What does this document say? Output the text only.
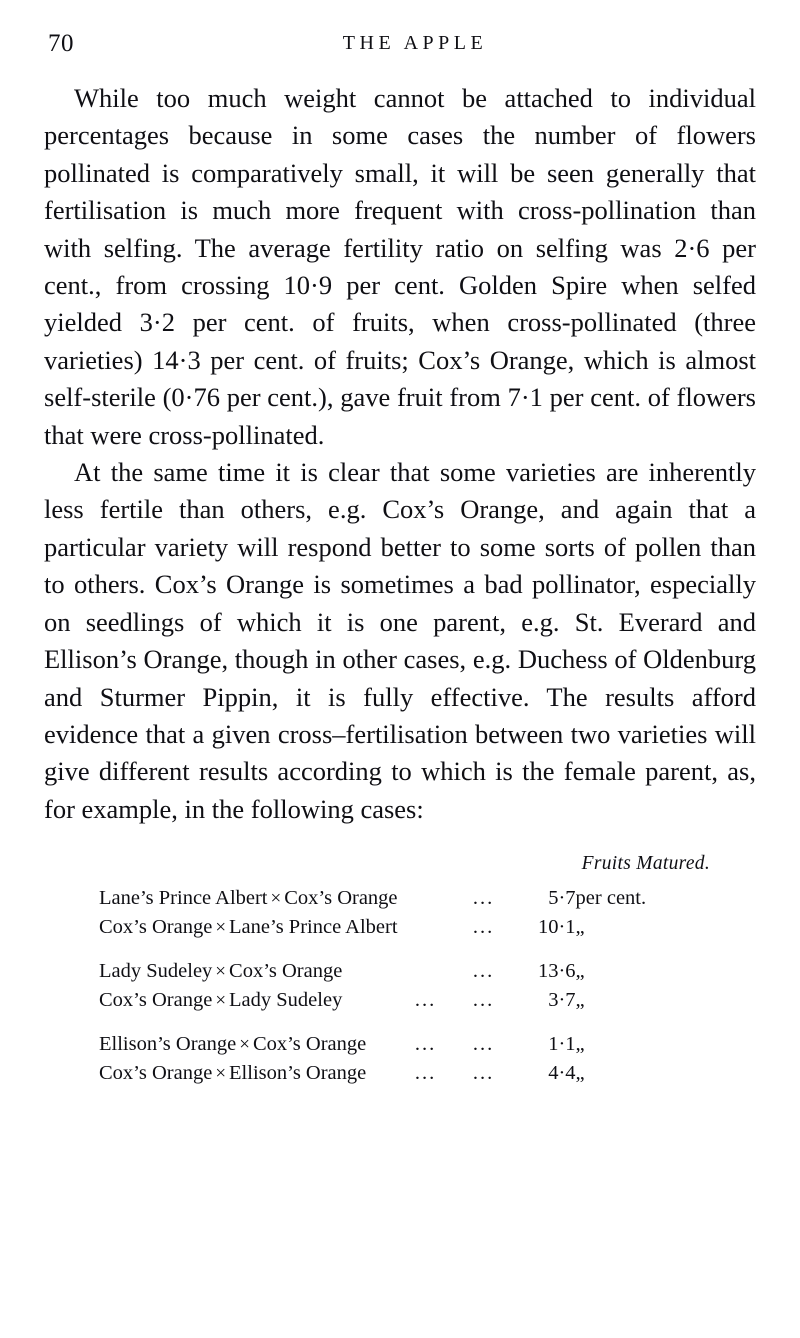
70	THE APPLE

While too much weight cannot be attached to individual percentages because in some cases the number of flowers pollinated is comparatively small, it will be seen generally that fertilisation is much more frequent with cross-pollination than with selfing. The average fertility ratio on selfing was 2·6 per cent., from crossing 10·9 per cent. Golden Spire when selfed yielded 3·2 per cent. of fruits, when cross-pollinated (three varieties) 14·3 per cent. of fruits; Cox’s Orange, which is almost self-sterile (0·76 per cent.), gave fruit from 7·1 per cent. of flowers that were cross-pollinated.

At the same time it is clear that some varieties are inherently less fertile than others, e.g. Cox’s Orange, and again that a particular variety will respond better to some sorts of pollen than to others. Cox’s Orange is sometimes a bad pollinator, especially on seedlings of which it is one parent, e.g. St. Everard and Ellison’s Orange, though in other cases, e.g. Duchess of Oldenburg and Sturmer Pippin, it is fully effective. The results afford evidence that a given cross–fertilisation between two varieties will give different results according to which is the female parent, as, for example, in the following cases:

Fruits Matured.
Lane’s Prince Albert × Cox’s Orange		...	5·7	per cent.
Cox’s Orange × Lane’s Prince Albert		...	10·1	„

Lady Sudeley × Cox’s Orange		...	13·6	„
Cox’s Orange × Lady Sudeley	...	...	3·7	„

Ellison’s Orange × Cox’s Orange	...	...	1·1	„
Cox’s Orange × Ellison’s Orange	...	...	4·4	„
